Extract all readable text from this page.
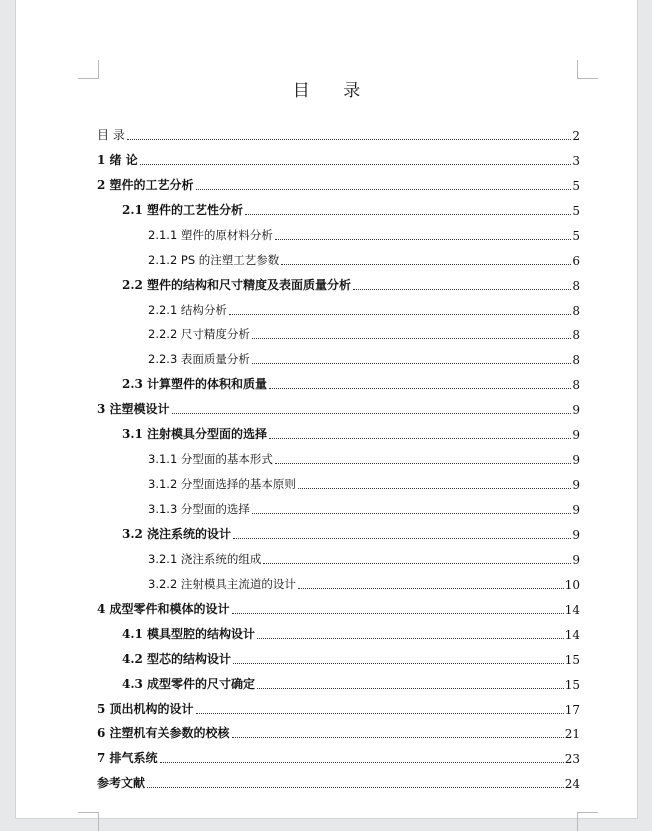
目 录
目 录	2
1 绪 论	3
2 塑件的工艺分析	5
2.1 塑件的工艺性分析	5
2.1.1 塑件的原材料分析	5
2.1.2 PS 的注塑工艺参数	6
2.2 塑件的结构和尺寸精度及表面质量分析	8
2.2.1 结构分析	8
2.2.2 尺寸精度分析	8
2.2.3 表面质量分析	8
2.3 计算塑件的体积和质量	8
3 注塑模设计	9
3.1 注射模具分型面的选择	9
3.1.1 分型面的基本形式	9
3.1.2 分型面选择的基本原则	9
3.1.3 分型面的选择	9
3.2 浇注系统的设计	9
3.2.1 浇注系统的组成	9
3.2.2 注射模具主流道的设计	10
4 成型零件和模体的设计	14
4.1 模具型腔的结构设计	14
4.2 型芯的结构设计	15
4.3 成型零件的尺寸确定	15
5 顶出机构的设计	17
6 注塑机有关参数的校核	21
7 排气系统	23
参考文献	24
